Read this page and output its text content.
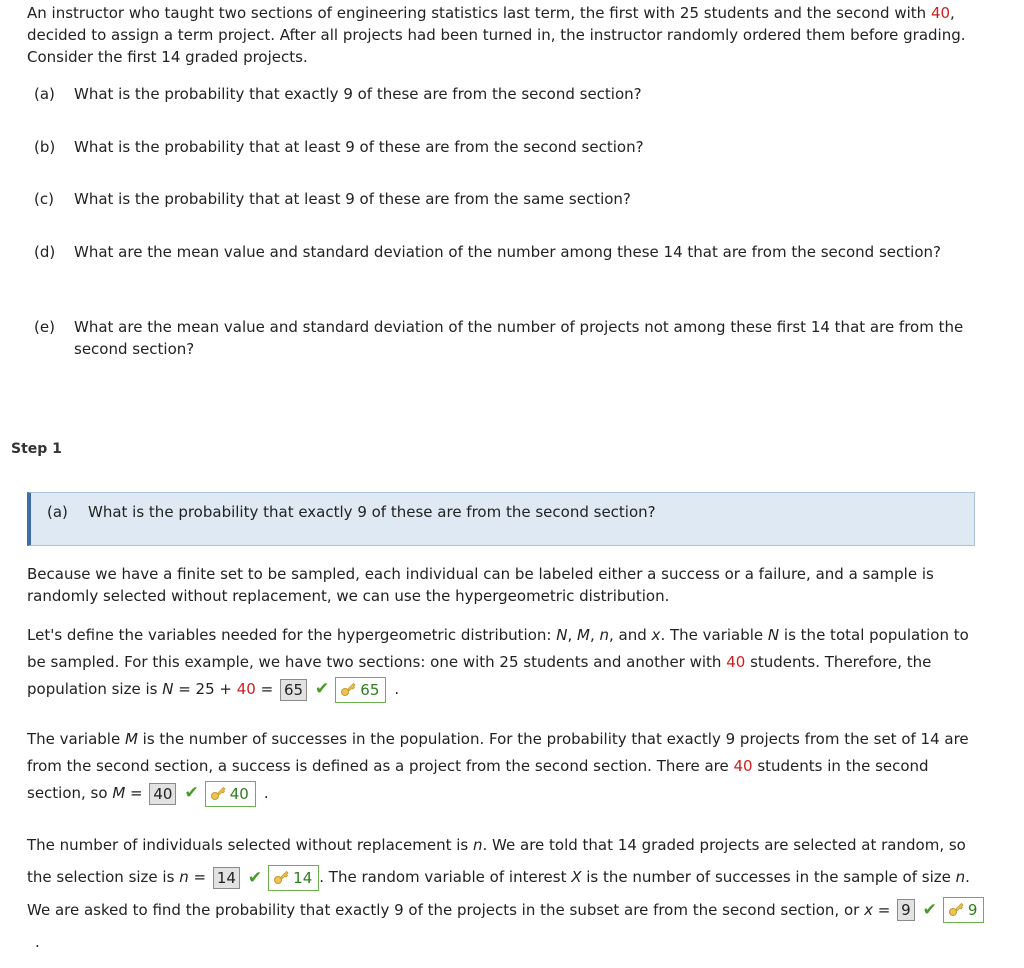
An instructor who taught two sections of engineering statistics last term, the first with 25 students and the second with 40, decided to assign a term project. After all projects had been turned in, the instructor randomly ordered them before grading. Consider the first 14 graded projects.

(a) What is the probability that exactly 9 of these are from the second section?
(b) What is the probability that at least 9 of these are from the second section?
(c) What is the probability that at least 9 of these are from the same section?
(d) What are the mean value and standard deviation of the number among these 14 that are from the second section?
(e) What are the mean value and standard deviation of the number of projects not among these first 14 that are from the second section?
Step 1
(a) What is the probability that exactly 9 of these are from the second section?

Because we have a finite set to be sampled, each individual can be labeled either a success or a failure, and a sample is randomly selected without replacement, we can use the hypergeometric distribution.

Let's define the variables needed for the hypergeometric distribution: N, M, n, and x. The variable N is the total population to be sampled. For this example, we have two sections: one with 25 students and another with 40 students. Therefore, the population size is N = 25 + 40 = 65 ✔ 65 .

The variable M is the number of successes in the population. For the probability that exactly 9 projects from the set of 14 are from the second section, a success is defined as a project from the second section. There are 40 students in the second section, so M = 40 ✔ 40 .

The number of individuals selected without replacement is n. We are told that 14 graded projects are selected at random, so the selection size is n = 14 ✔ 14 . The random variable of interest X is the number of successes in the sample of size n. We are asked to find the probability that exactly 9 of the projects in the subset are from the second section, or x = 9 ✔ 9.
